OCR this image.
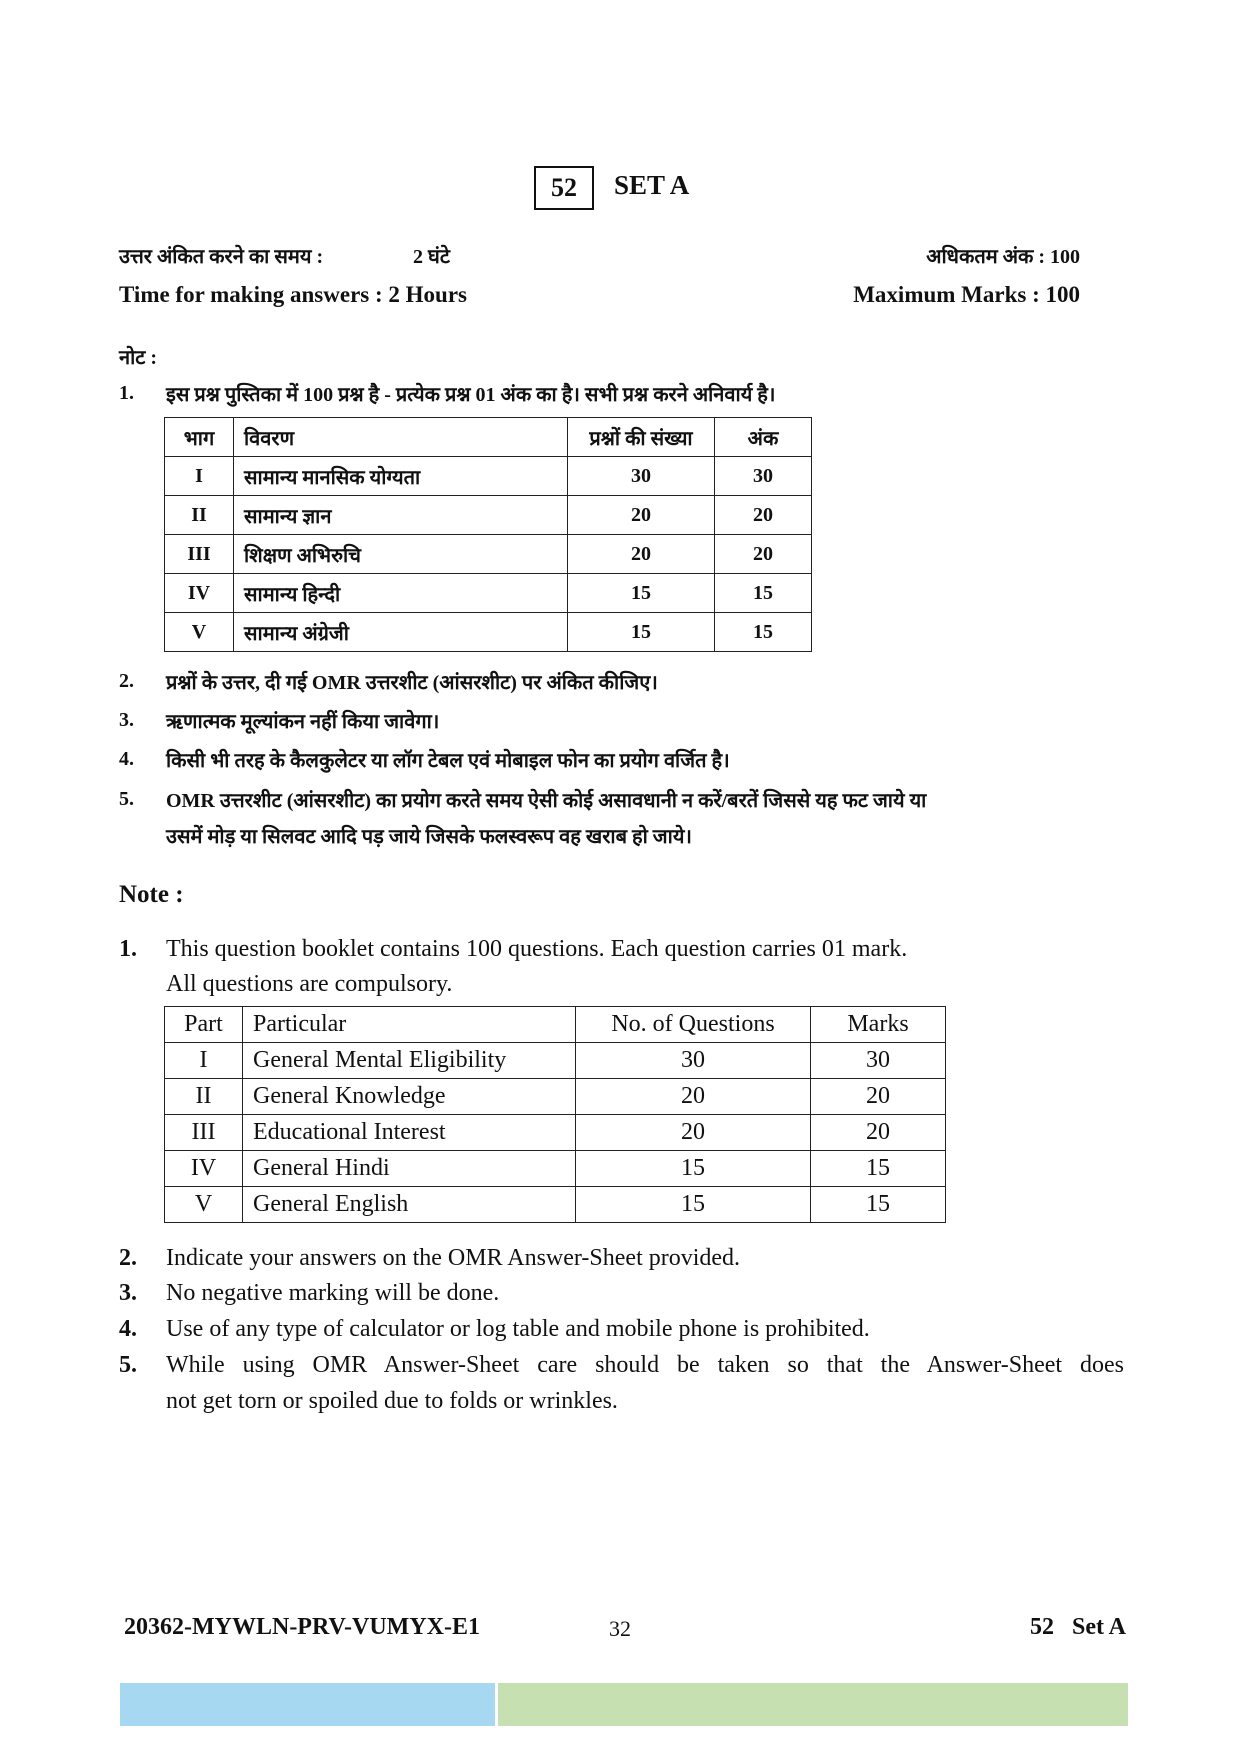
52	SET A
उत्तर अंकित करने का समय :	2 घंटे	अधिकतम अंक : 100
Time for making answers : 2 Hours	Maximum Marks : 100
नोट :
1. इस प्रश्न पुस्तिका में 100 प्रश्न है - प्रत्येक प्रश्न 01 अंक का है। सभी प्रश्न करने अनिवार्य है।
भाग	विवरण	प्रश्नों की संख्या	अंक
I	सामान्य मानसिक योग्यता	30	30
II	सामान्य ज्ञान	20	20
III	शिक्षण अभिरुचि	20	20
IV	सामान्य हिन्दी	15	15
V	सामान्य अंग्रेजी	15	15
2. प्रश्नों के उत्तर, दी गई OMR उत्तरशीट (आंसरशीट) पर अंकित कीजिए।
3. ऋणात्मक मूल्यांकन नहीं किया जावेगा।
4. किसी भी तरह के कैलकुलेटर या लॉग टेबल एवं मोबाइल फोन का प्रयोग वर्जित है।
5. OMR उत्तरशीट (आंसरशीट) का प्रयोग करते समय ऐसी कोई असावधानी न करें/बरतें जिससे यह फट जाये या
उसमें मोड़ या सिलवट आदि पड़ जाये जिसके फलस्वरूप वह खराब हो जाये।
Note :
1. This question booklet contains 100 questions. Each question carries 01 mark.
All questions are compulsory.
Part	Particular	No. of Questions	Marks
I	General Mental Eligibility	30	30
II	General Knowledge	20	20
III	Educational Interest	20	20
IV	General Hindi	15	15
V	General English	15	15
2. Indicate your answers on the OMR Answer-Sheet provided.
3. No negative marking will be done.
4. Use of any type of calculator or log table and mobile phone is prohibited.
5. While using OMR Answer-Sheet care should be taken so that the Answer-Sheet does
not get torn or spoiled due to folds or wrinkles.
20362-MYWLN-PRV-VUMYX-E1	32	52   Set A
